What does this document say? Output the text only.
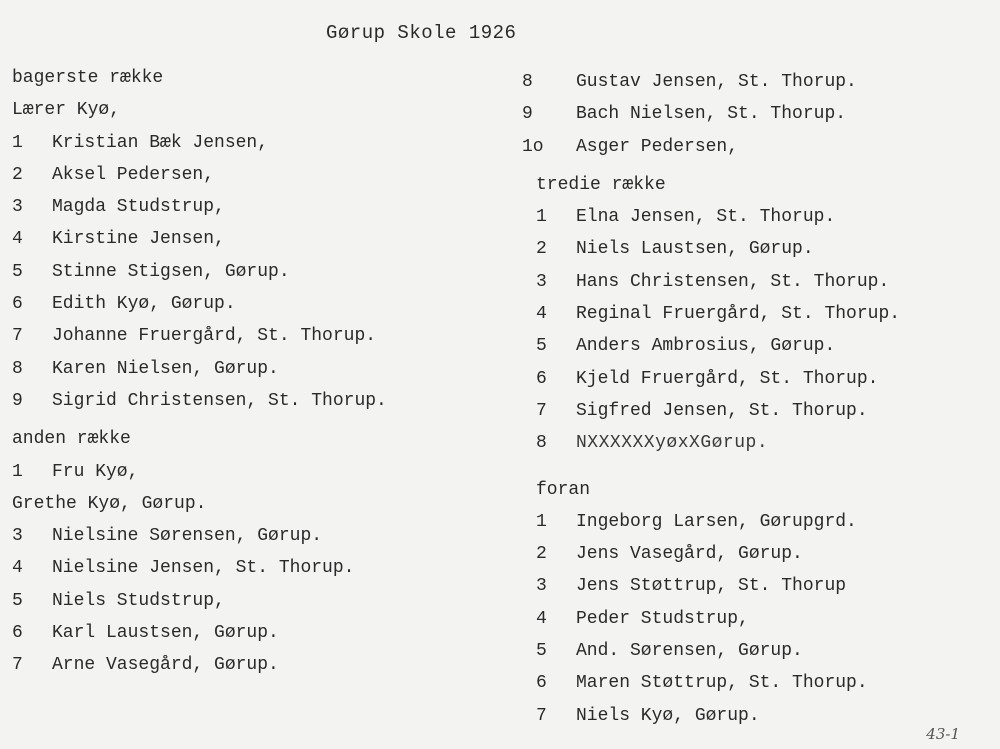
Gørup Skole 1926
bagerste række
Lærer Kyø,
1	Kristian Bæk Jensen,
2	Aksel Pedersen,
3	Magda Studstrup,
4	Kirstine Jensen,
5	Stinne Stigsen, Gørup.
6	Edith Kyø, Gørup.
7	Johanne Fruergård, St. Thorup.
8	Karen Nielsen, Gørup.
9	Sigrid Christensen, St. Thorup.
anden række
1	Fru Kyø,
Grethe Kyø, Gørup.
3	Nielsine Sørensen, Gørup.
4	Nielsine Jensen, St. Thorup.
5	Niels Studstrup,
6	Karl Laustsen, Gørup.
7	Arne Vasegård, Gørup.
8	Gustav Jensen, St. Thorup.
9	Bach Nielsen, St. Thorup.
1o	Asger Pedersen,
tredie række
1	Elna Jensen, St. Thorup.
2	Niels Laustsen, Gørup.
3	Hans Christensen, St. Thorup.
4	Reginal Fruergård, St. Thorup.
5	Anders Ambrosius, Gørup.
6	Kjeld Fruergård, St. Thorup.
7	Sigfred Jensen, St. Thorup.
8	NXXXXXXyøxXGørup.
foran
1	Ingeborg Larsen, Gørupgrd.
2	Jens Vasegård, Gørup.
3	Jens Støttrup, St. Thorup
4	Peder Studstrup,
5	And. Sørensen, Gørup.
6	Maren Støttrup, St. Thorup.
7	Niels Kyø, Gørup.
43-1
